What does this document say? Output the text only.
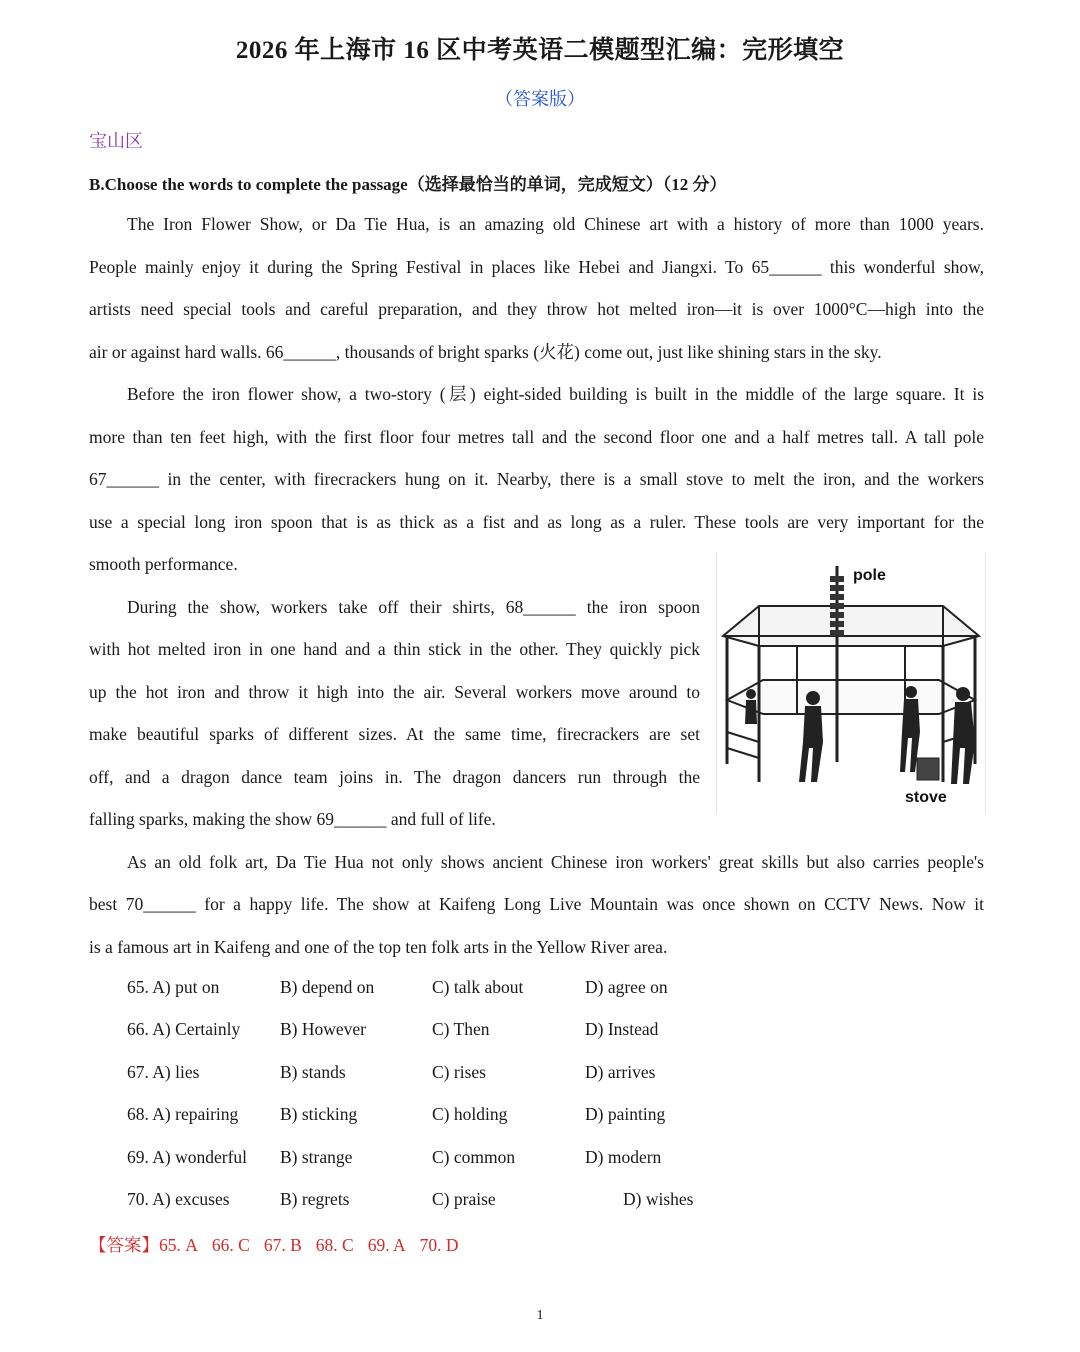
2026 年上海市 16 区中考英语二模题型汇编：完形填空
（答案版）
宝山区
B.Choose the words to complete the passage（选择最恰当的单词，完成短文）（12 分）
The Iron Flower Show, or Da Tie Hua, is an amazing old Chinese art with a history of more than 1000 years.
People mainly enjoy it during the Spring Festival in places like Hebei and Jiangxi. To 65______ this wonderful show,
artists need special tools and careful preparation, and they throw hot melted iron—it is over 1000°C—high into the
air or against hard walls. 66______, thousands of bright sparks (火花) come out, just like shining stars in the sky.
Before the iron flower show, a two-story (层) eight-sided building is built in the middle of the large square. It is
more than ten feet high, with the first floor four metres tall and the second floor one and a half metres tall. A tall pole
67______ in the center, with firecrackers hung on it. Nearby, there is a small stove to melt the iron, and the workers
use a special long iron spoon that is as thick as a fist and as long as a ruler. These tools are very important for the
smooth performance.
During the show, workers take off their shirts, 68______ the iron spoon
with hot melted iron in one hand and a thin stick in the other. They quickly pick
up the hot iron and throw it high into the air. Several workers move around to
make beautiful sparks of different sizes. At the same time, firecrackers are set
off, and a dragon dance team joins in. The dragon dancers run through the
falling sparks, making the show 69______ and full of life.
As an old folk art, Da Tie Hua not only shows ancient Chinese iron workers' great skills but also carries people's
best 70______ for a happy life. The show at Kaifeng Long Live Mountain was once shown on CCTV News. Now it
is a famous art in Kaifeng and one of the top ten folk arts in the Yellow River area.
pole
stove
65. A) put on	B) depend on	C) talk about	D) agree on
66. A) Certainly B) However	C) Then	D) Instead
67. A) lies	B) stands	C) rises	D) arrives
68. A) repairing B) sticking	C) holding	D) painting
69. A) wonderful B) strange	C) common	D) modern
70. A) excuses	B) regrets	C) praise	D) wishes
【答案】65. A 66. C 67. B 68. C 69. A 70. D
1
